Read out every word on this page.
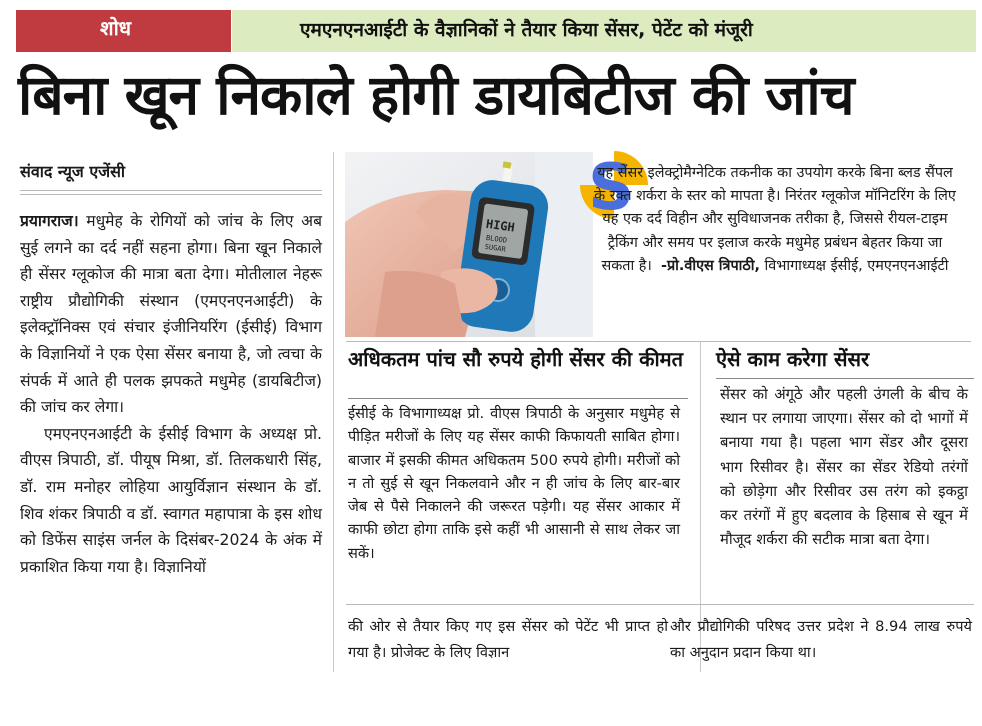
शोध	एमएनएनआईटी के वैज्ञानिकों ने तैयार किया सेंसर, पेटेंट को मंजूरी
बिना खून निकाले होगी डायबिटीज की जांच
संवाद न्यूज एजेंसी

प्रयागराज। मधुमेह के रोगियों को जांच के लिए अब सुई लगने का दर्द नहीं सहना होगा। बिना खून निकाले ही सेंसर ग्लूकोज की मात्रा बता देगा। मोतीलाल नेहरू राष्ट्रीय प्रौद्योगिकी संस्थान (एमएनएनआईटी) के इलेक्ट्रॉनिक्स एवं संचार इंजीनियरिंग (ईसीई) विभाग के विज्ञानियों ने एक ऐसा सेंसर बनाया है, जो त्वचा के संपर्क में आते ही पलक झपकते मधुमेह (डायबिटीज) की जांच कर लेगा।

एमएनएनआईटी के ईसीई विभाग के अध्यक्ष प्रो. वीएस त्रिपाठी, डॉ. पीयूष मिश्रा, डॉ. तिलकधारी सिंह, डॉ. राम मनोहर लोहिया आयुर्विज्ञान संस्थान के डॉ. शिव शंकर त्रिपाठी व डॉ. स्वागत महापात्रा के इस शोध को डिफेंस साइंस जर्नल के दिसंबर-2024 के अंक में प्रकाशित किया गया है। विज्ञानियों

HIGH
BLOOD
SUGAR
S
यह सेंसर इलेक्ट्रोमैग्नेटिक तकनीक का उपयोग करके बिना ब्लड सैंपल के रक्त शर्करा के स्तर को मापता है। निरंतर ग्लूकोज मॉनिटरिंग के लिए यह एक दर्द विहीन और सुविधाजनक तरीका है, जिससे रीयल-टाइम ट्रैकिंग और समय पर इलाज करके मधुमेह प्रबंधन बेहतर किया जा सकता है। -प्रो.वीएस त्रिपाठी, विभागाध्यक्ष ईसीई, एमएनएनआईटी
अधिकतम पांच सौ रुपये होगी सेंसर की कीमत
ईसीई के विभागाध्यक्ष प्रो. वीएस त्रिपाठी के अनुसार मधुमेह से पीड़ित मरीजों के लिए यह सेंसर काफी किफायती साबित होगा। बाजार में इसकी कीमत अधिकतम 500 रुपये होगी। मरीजों को न तो सुई से खून निकलवाने और न ही जांच के लिए बार-बार जेब से पैसे निकालने की जरूरत पड़ेगी। यह सेंसर आकार में काफी छोटा होगा ताकि इसे कहीं भी आसानी से साथ लेकर जा सकें।
ऐसे काम करेगा सेंसर
सेंसर को अंगूठे और पहली उंगली के बीच के स्थान पर लगाया जाएगा। सेंसर को दो भागों में बनाया गया है। पहला भाग सेंडर और दूसरा भाग रिसीवर है। सेंसर का सेंडर रेडियो तरंगों को छोड़ेगा और रिसीवर उस तरंग को इकट्ठा कर तरंगों में हुए बदलाव के हिसाब से खून में मौजूद शर्करा की सटीक मात्रा बता देगा।
की ओर से तैयार किए गए इस सेंसर को पेटेंट भी प्राप्त हो गया है। प्रोजेक्ट के लिए विज्ञान
और प्रौद्योगिकी परिषद उत्तर प्रदेश ने 8.94 लाख रुपये का अनुदान प्रदान किया था।
